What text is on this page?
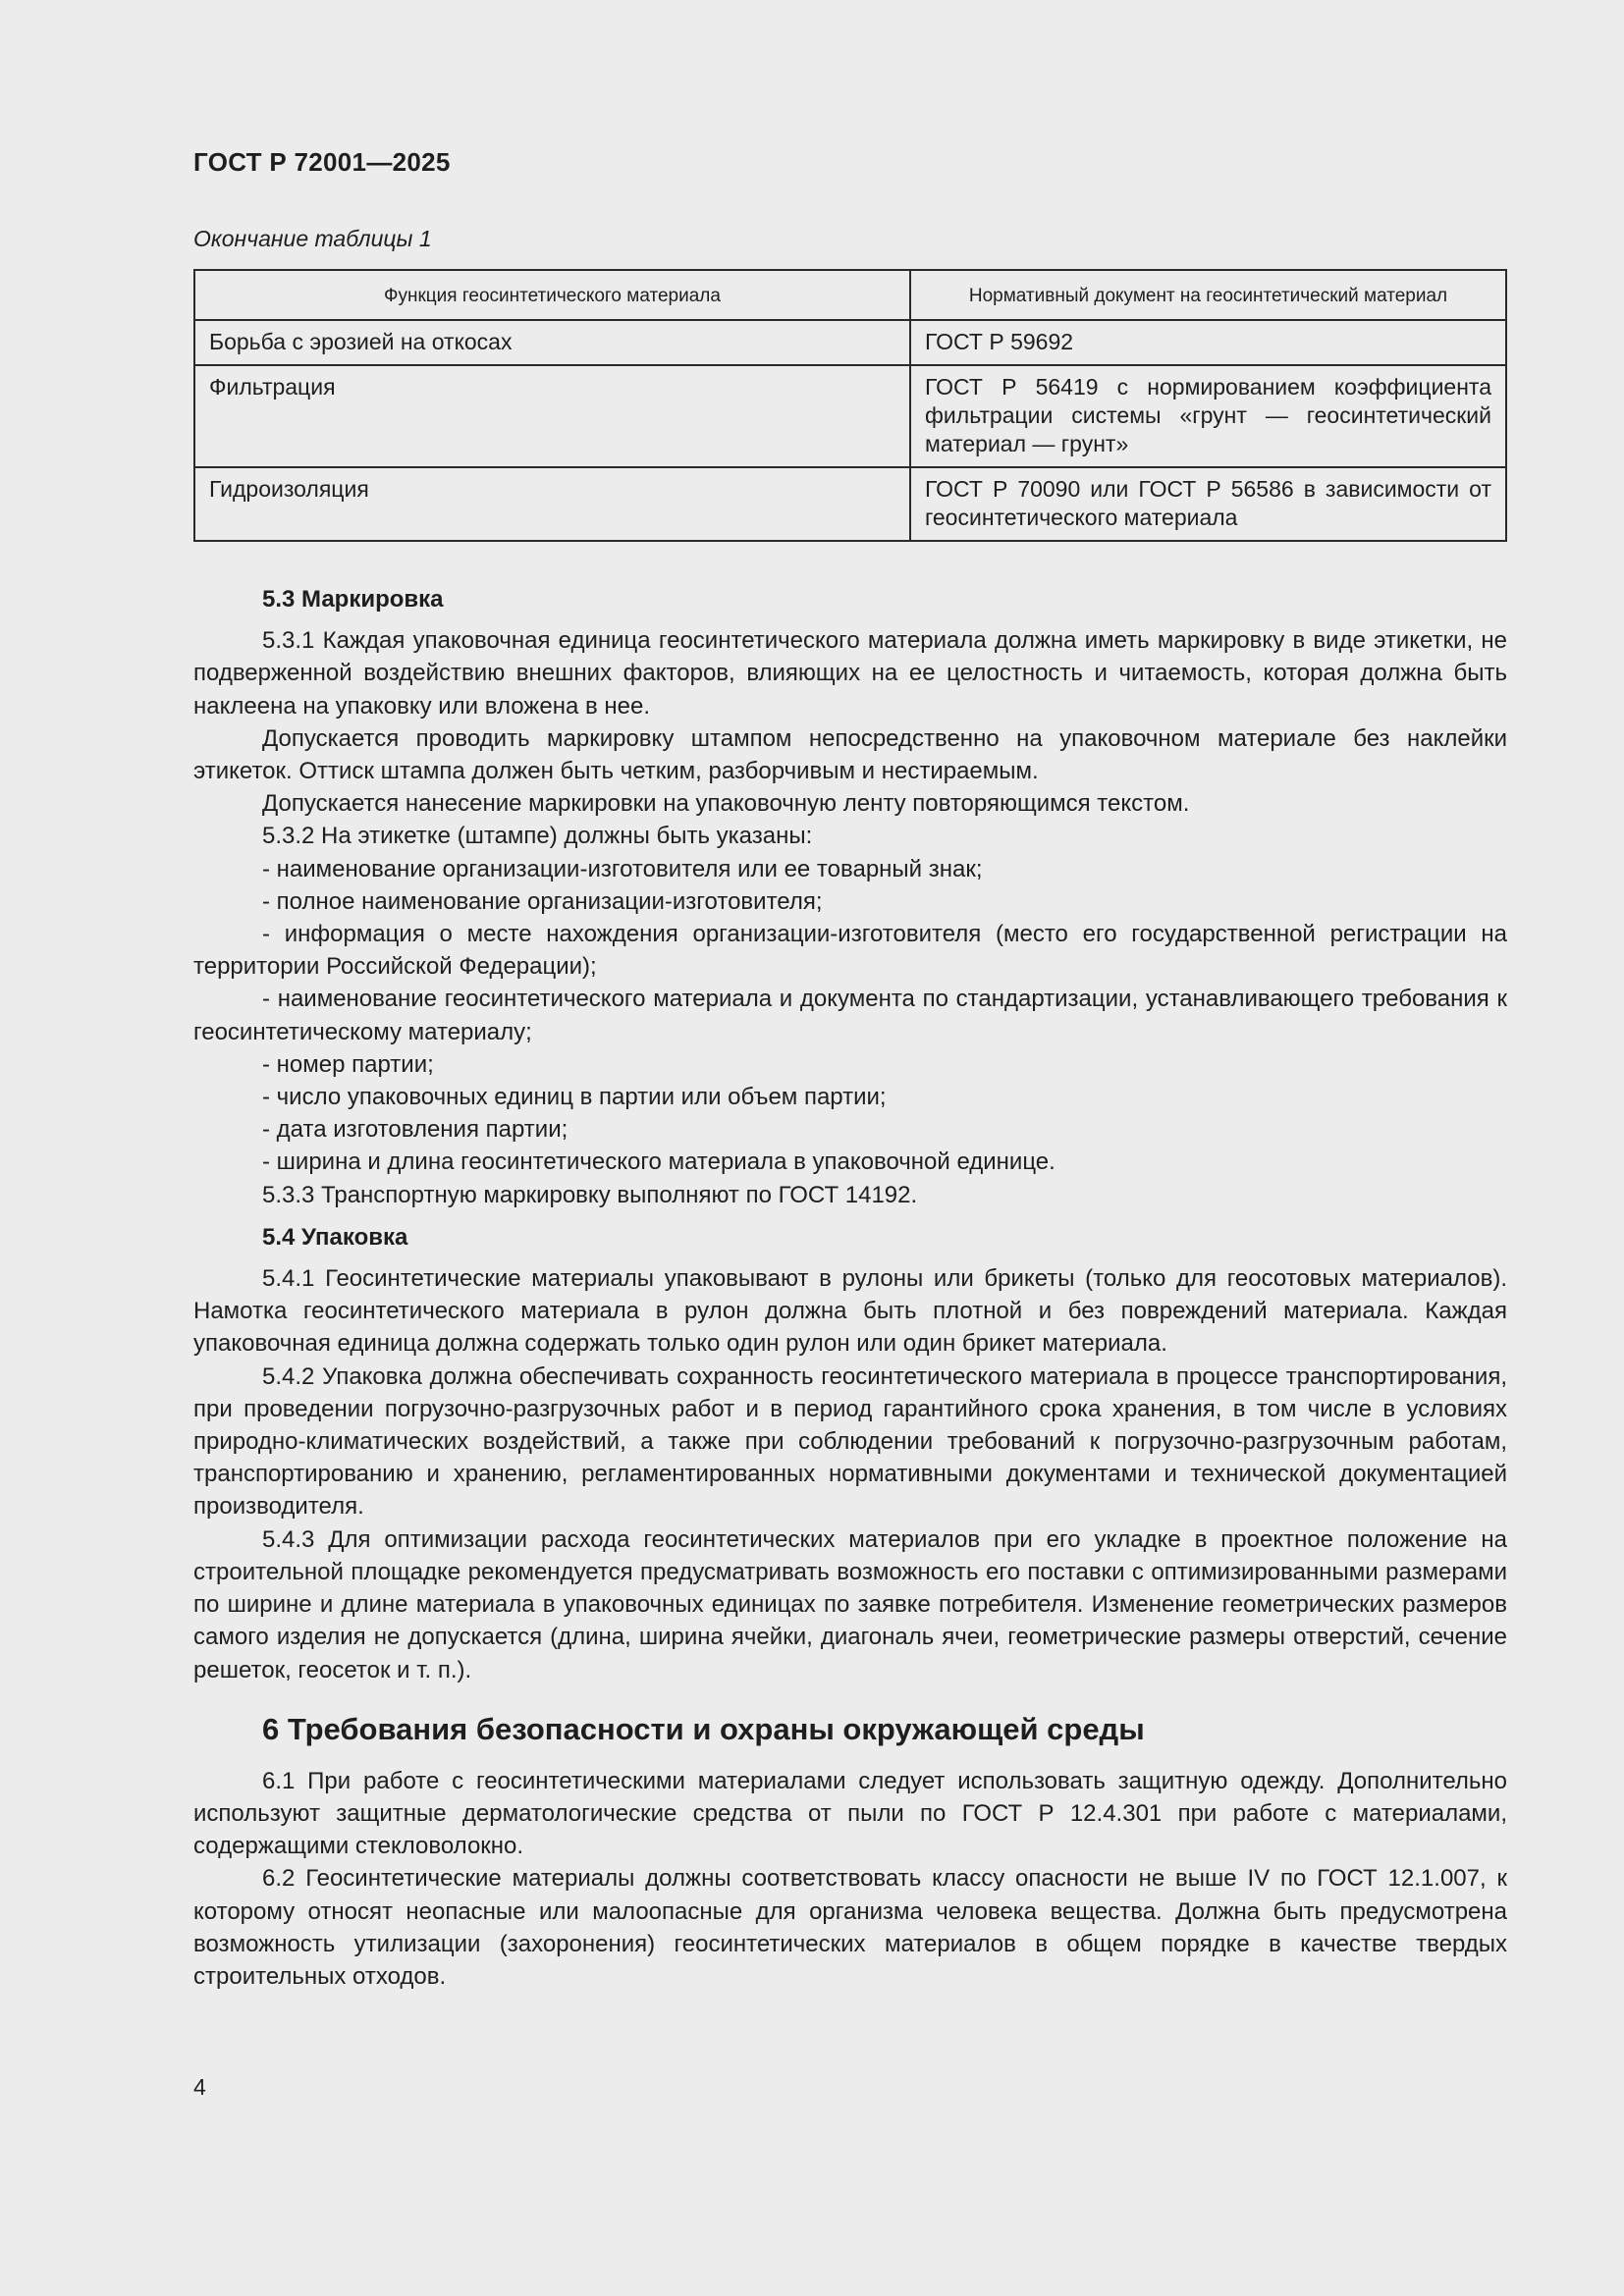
ГОСТ Р 72001—2025
Окончание таблицы 1
Функция геосинтетического материала	Нормативный документ на геосинтетический материал
Борьба с эрозией на откосах	ГОСТ Р 59692
Фильтрация	ГОСТ Р 56419 с нормированием коэффициента фильтрации системы «грунт — геосинтетический материал — грунт»
Гидроизоляция	ГОСТ Р 70090 или ГОСТ Р 56586 в зависимости от геосинтетического материала

5.3 Маркировка

5.3.1 Каждая упаковочная единица геосинтетического материала должна иметь маркировку в виде этикетки, не подверженной воздействию внешних факторов, влияющих на ее целостность и читаемость, которая должна быть наклеена на упаковку или вложена в нее.

Допускается проводить маркировку штампом непосредственно на упаковочном материале без наклейки этикеток. Оттиск штампа должен быть четким, разборчивым и нестираемым.

Допускается нанесение маркировки на упаковочную ленту повторяющимся текстом.

5.3.2 На этикетке (штампе) должны быть указаны:

- наименование организации-изготовителя или ее товарный знак;

- полное наименование организации-изготовителя;

- информация о месте нахождения организации-изготовителя (место его государственной регистрации на территории Российской Федерации);

- наименование геосинтетического материала и документа по стандартизации, устанавливающего требования к геосинтетическому материалу;

- номер партии;

- число упаковочных единиц в партии или объем партии;

- дата изготовления партии;

- ширина и длина геосинтетического материала в упаковочной единице.

5.3.3 Транспортную маркировку выполняют по ГОСТ 14192.

5.4 Упаковка

5.4.1 Геосинтетические материалы упаковывают в рулоны или брикеты (только для геосотовых материалов). Намотка геосинтетического материала в рулон должна быть плотной и без повреждений материала. Каждая упаковочная единица должна содержать только один рулон или один брикет материала.

5.4.2 Упаковка должна обеспечивать сохранность геосинтетического материала в процессе транспортирования, при проведении погрузочно-разгрузочных работ и в период гарантийного срока хранения, в том числе в условиях природно-климатических воздействий, а также при соблюдении требований к погрузочно-разгрузочным работам, транспортированию и хранению, регламентированных нормативными документами и технической документацией производителя.

5.4.3 Для оптимизации расхода геосинтетических материалов при его укладке в проектное положение на строительной площадке рекомендуется предусматривать возможность его поставки с оптимизированными размерами по ширине и длине материала в упаковочных единицах по заявке потребителя. Изменение геометрических размеров самого изделия не допускается (длина, ширина ячейки, диагональ ячеи, геометрические размеры отверстий, сечение решеток, геосеток и т. п.).

6 Требования безопасности и охраны окружающей среды

6.1 При работе с геосинтетическими материалами следует использовать защитную одежду. Дополнительно используют защитные дерматологические средства от пыли по ГОСТ Р 12.4.301 при работе с материалами, содержащими стекловолокно.

6.2 Геосинтетические материалы должны соответствовать классу опасности не выше IV по ГОСТ 12.1.007, к которому относят неопасные или малоопасные для организма человека вещества. Должна быть предусмотрена возможность утилизации (захоронения) геосинтетических материалов в общем порядке в качестве твердых строительных отходов.

4
